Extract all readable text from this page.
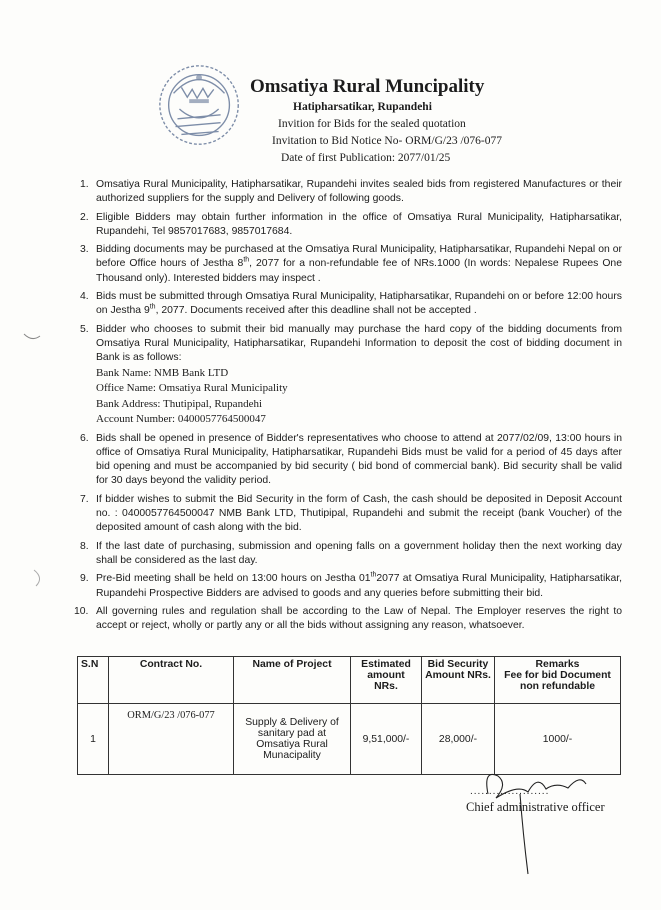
Omsatiya Rural Muncipality
Hatipharsatikar, Rupandehi
Invition for Bids for the sealed quotation
Invitation to Bid Notice No- ORM/G/23 /076-077
Date of first Publication: 2077/01/25
1. Omsatiya Rural Municipality, Hatipharsatikar, Rupandehi invites sealed bids from registered Manufactures or their authorized suppliers for the supply and Delivery of following goods.
2. Eligible Bidders may obtain further information in the office of Omsatiya Rural Municipality, Hatipharsatikar, Rupandehi, Tel 9857017683, 9857017684.
3. Bidding documents may be purchased at the Omsatiya Rural Municipality, Hatipharsatikar, Rupandehi Nepal on or before Office hours of Jestha 8th, 2077 for a non-refundable fee of NRs.1000 (In words: Nepalese Rupees One Thousand only). Interested bidders may inspect .
4. Bids must be submitted through Omsatiya Rural Municipality, Hatipharsatikar, Rupandehi on or before 12:00 hours on Jestha 9th, 2077. Documents received after this deadline shall not be accepted .
5. Bidder who chooses to submit their bid manually may purchase the hard copy of the bidding documents from Omsatiya Rural Municipality, Hatipharsatikar, Rupandehi Information to deposit the cost of bidding document in Bank is as follows:
Bank Name: NMB Bank LTD
Office Name: Omsatiya Rural Municipality
Bank Address: Thutipipal, Rupandehi
Account Number: 0400057764500047
6. Bids shall be opened in presence of Bidder's representatives who choose to attend at 2077/02/09, 13:00 hours in office of Omsatiya Rural Municipality, Hatipharsatikar, Rupandehi Bids must be valid for a period of 45 days after bid opening and must be accompanied by bid security ( bid bond of commercial bank). Bid security shall be valid for 30 days beyond the validity period.
7. If bidder wishes to submit the Bid Security in the form of Cash, the cash should be deposited in Deposit Account no. : 0400057764500047 NMB Bank LTD, Thutipipal, Rupandehi and submit the receipt (bank Voucher) of the deposited amount of cash along with the bid.
8. If the last date of purchasing, submission and opening falls on a government holiday then the next working day shall be considered as the last day.
9. Pre-Bid meeting shall be held on 13:00 hours on Jestha 01th2077 at Omsatiya Rural Municipality, Hatipharsatikar, Rupandehi Prospective Bidders are advised to goods and any queries before submitting their bid.
10. All governing rules and regulation shall be according to the Law of Nepal. The Employer reserves the right to accept or reject, wholly or partly any or all the bids without assigning any reason, whatsoever.
S.N	Contract No.	Name of Project	Estimated amount NRs.	Bid Security Amount NRs.	Remarks
Fee for bid Document non refundable

1	ORM/G/23 /076-077	Supply & Delivery of sanitary pad at Omsatiya Rural Munacipality	9,51,000/-	28,000/-	1000/-
.....................
Chief administrative officer
